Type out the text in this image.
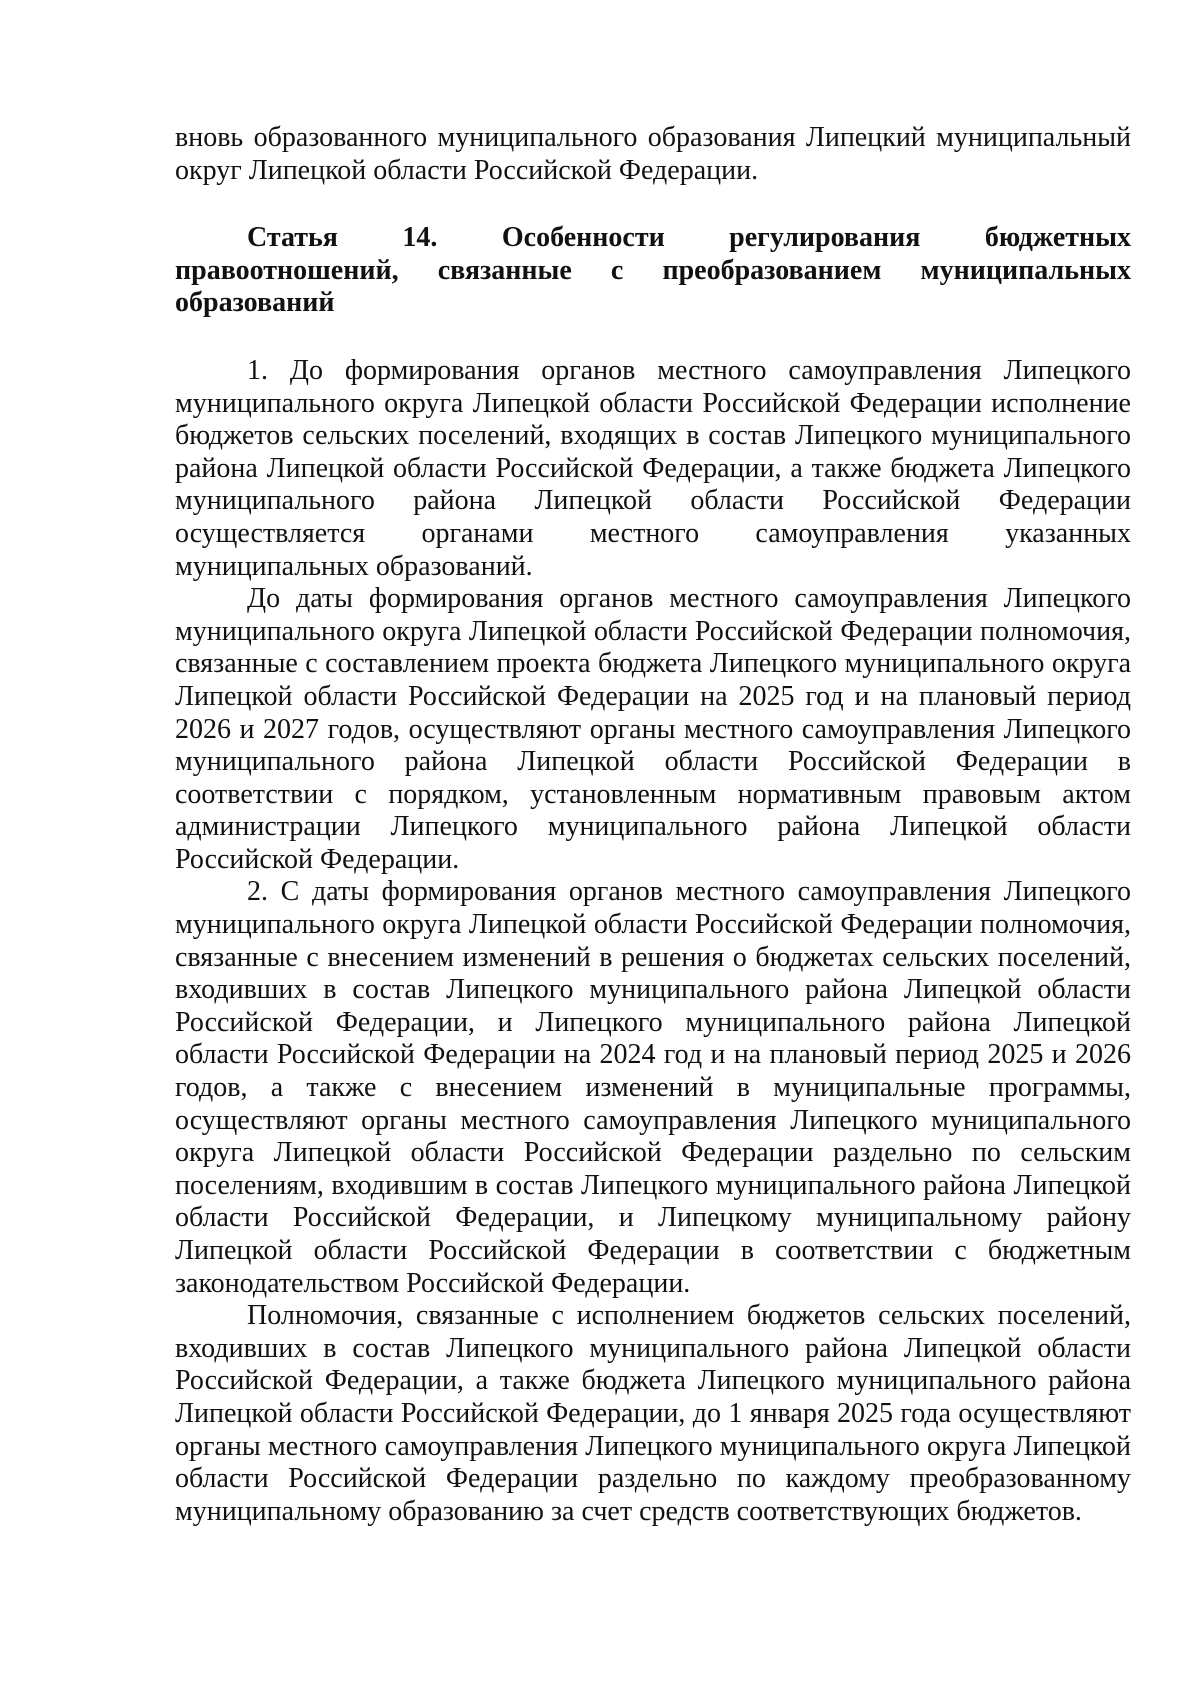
вновь образованного муниципального образования Липецкий муниципальный округ Липецкой области Российской Федерации.

Статья 14. Особенности регулирования бюджетных правоотношений, связанные с преобразованием муниципальных образований

1. До формирования органов местного самоуправления Липецкого муниципального округа Липецкой области Российской Федерации исполнение бюджетов сельских поселений, входящих в состав Липецкого муниципального района Липецкой области Российской Федерации, а также бюджета Липецкого муниципального района Липецкой области Российской Федерации осуществляется органами местного самоуправления указанных муниципальных образований.

До даты формирования органов местного самоуправления Липецкого муниципального округа Липецкой области Российской Федерации полномочия, связанные с составлением проекта бюджета Липецкого муниципального округа Липецкой области Российской Федерации на 2025 год и на плановый период 2026 и 2027 годов, осуществляют органы местного самоуправления Липецкого муниципального района Липецкой области Российской Федерации в соответствии с порядком, установленным нормативным правовым актом администрации Липецкого муниципального района Липецкой области Российской Федерации.

2. С даты формирования органов местного самоуправления Липецкого муниципального округа Липецкой области Российской Федерации полномочия, связанные с внесением изменений в решения о бюджетах сельских поселений, входивших в состав Липецкого муниципального района Липецкой области Российской Федерации, и Липецкого муниципального района Липецкой области Российской Федерации на 2024 год и на плановый период 2025 и 2026 годов, а также с внесением изменений в муниципальные программы, осуществляют органы местного самоуправления Липецкого муниципального округа Липецкой области Российской Федерации раздельно по сельским поселениям, входившим в состав Липецкого муниципального района Липецкой области Российской Федерации, и Липецкому муниципальному району Липецкой области Российской Федерации в соответствии с бюджетным законодательством Российской Федерации.

Полномочия, связанные с исполнением бюджетов сельских поселений, входивших в состав Липецкого муниципального района Липецкой области Российской Федерации, а также бюджета Липецкого муниципального района Липецкой области Российской Федерации, до 1 января 2025 года осуществляют органы местного самоуправления Липецкого муниципального округа Липецкой области Российской Федерации раздельно по каждому преобразованному муниципальному образованию за счет средств соответствующих бюджетов.
